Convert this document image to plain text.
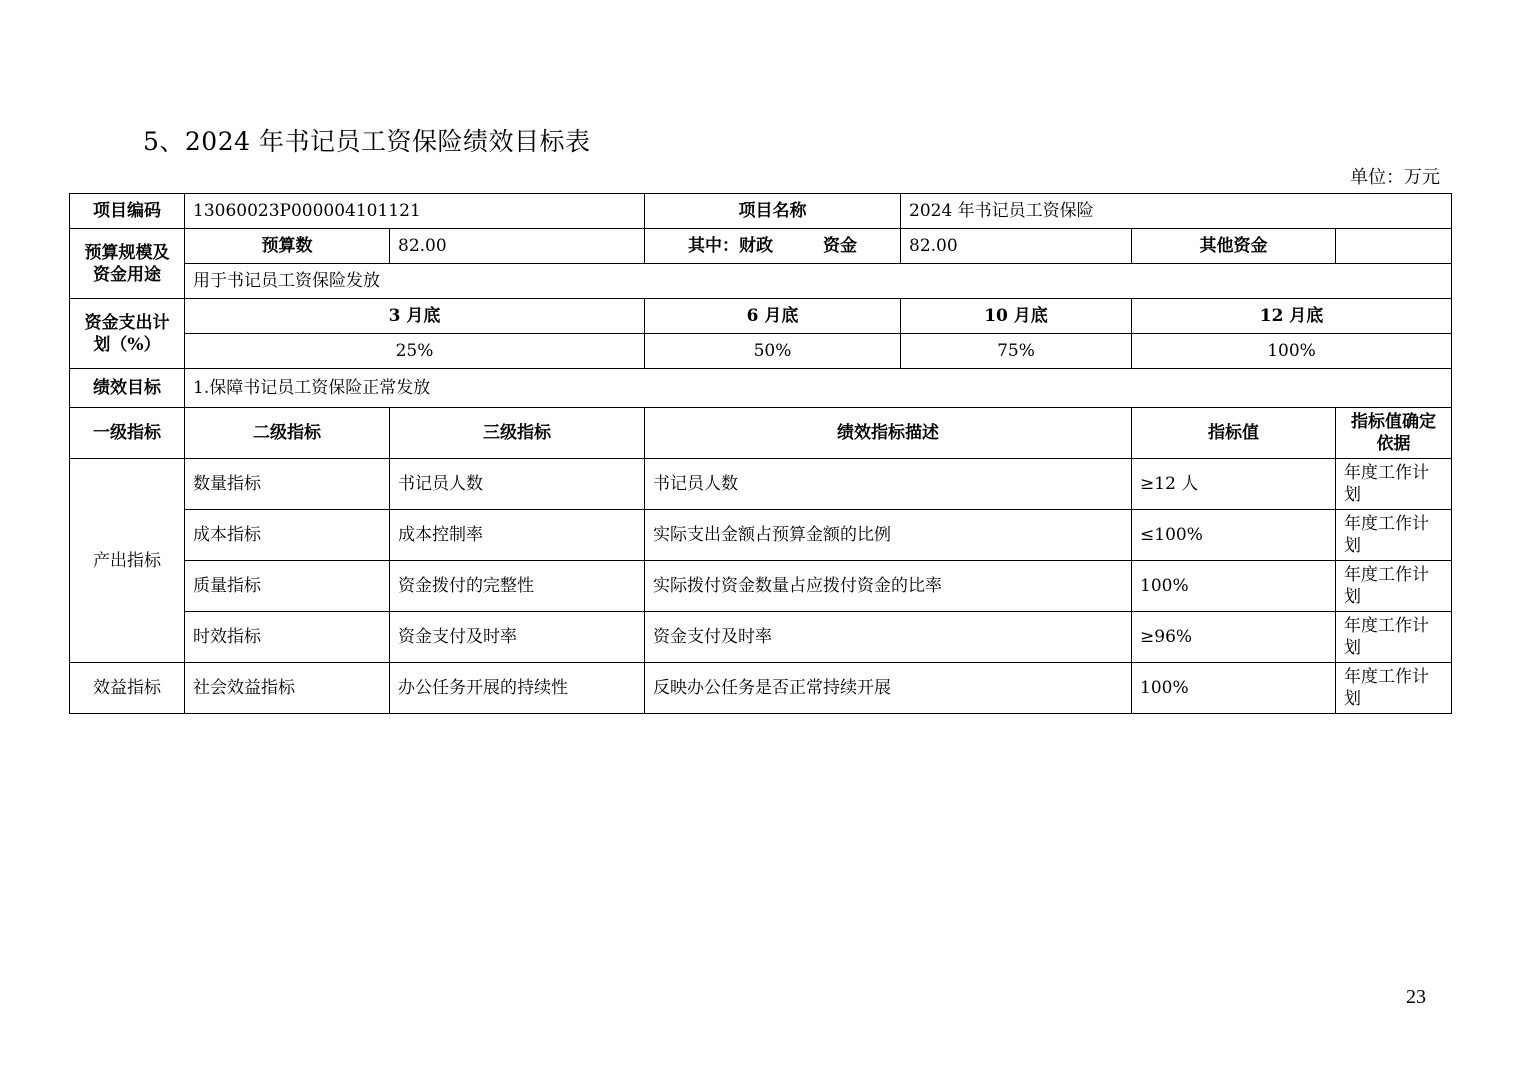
5、2024 年书记员工资保险绩效目标表
单位：万元
项目编码	13060023P000004101121		项目名称	2024 年书记员工资保险		
预算规模及资金用途	预算数	82.00	其中：财政 资金	82.00	其他资金	
	用于书记员工资保险发放					
资金支出计划（%）	3 月底		6 月底	10 月底	12 月底	
	25%		50%	75%	100%	
绩效目标	1.保障书记员工资保险正常发放					
一级指标	二级指标	三级指标	绩效指标描述		指标值	指标值确定依据
产出指标	数量指标	书记员人数	书记员人数		≥12 人	年度工作计划
	成本指标	成本控制率	实际支出金额占预算金额的比例		≤100%	年度工作计划
	质量指标	资金拨付的完整性	实际拨付资金数量占应拨付资金的比率		100%	年度工作计划
	时效指标	资金支付及时率	资金支付及时率		≥96%	年度工作计划
效益指标	社会效益指标	办公任务开展的持续性	反映办公任务是否正常持续开展		100%	年度工作计划
23
